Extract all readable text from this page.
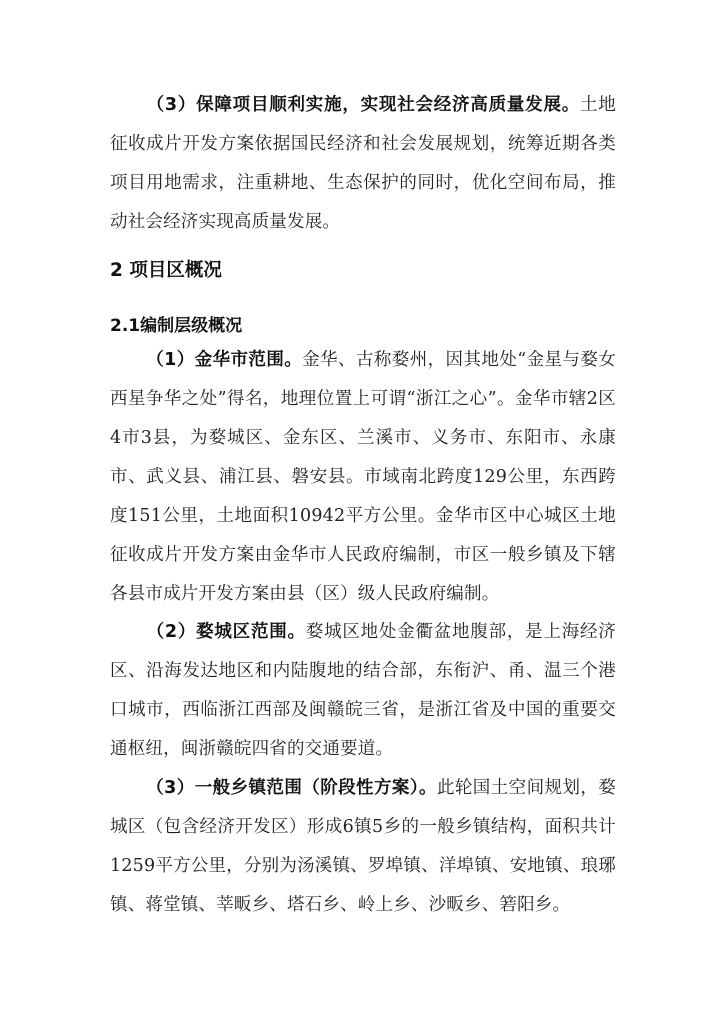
（3）保障项目顺利实施，实现社会经济高质量发展。土地征收成片开发方案依据国民经济和社会发展规划，统筹近期各类项目用地需求，注重耕地、生态保护的同时，优化空间布局，推动社会经济实现高质量发展。

2 项目区概况
2.1编制层级概况

（1）金华市范围。金华、古称婺州，因其地处“金星与婺女西星争华之处”得名，地理位置上可谓“浙江之心”。金华市辖2区4市3县，为婺城区、金东区、兰溪市、义务市、东阳市、永康市、武义县、浦江县、磐安县。市域南北跨度129公里，东西跨度151公里，土地面积10942平方公里。金华市区中心城区土地征收成片开发方案由金华市人民政府编制，市区一般乡镇及下辖各县市成片开发方案由县（区）级人民政府编制。

（2）婺城区范围。婺城区地处金衢盆地腹部，是上海经济区、沿海发达地区和内陆腹地的结合部，东衔沪、甬、温三个港口城市，西临浙江西部及闽赣皖三省，是浙江省及中国的重要交通枢纽，闽浙赣皖四省的交通要道。

（3）一般乡镇范围（阶段性方案）。此轮国土空间规划，婺城区（包含经济开发区）形成6镇5乡的一般乡镇结构，面积共计1259平方公里，分别为汤溪镇、罗埠镇、洋埠镇、安地镇、琅琊镇、蒋堂镇、莘畈乡、塔石乡、岭上乡、沙畈乡、箬阳乡。
